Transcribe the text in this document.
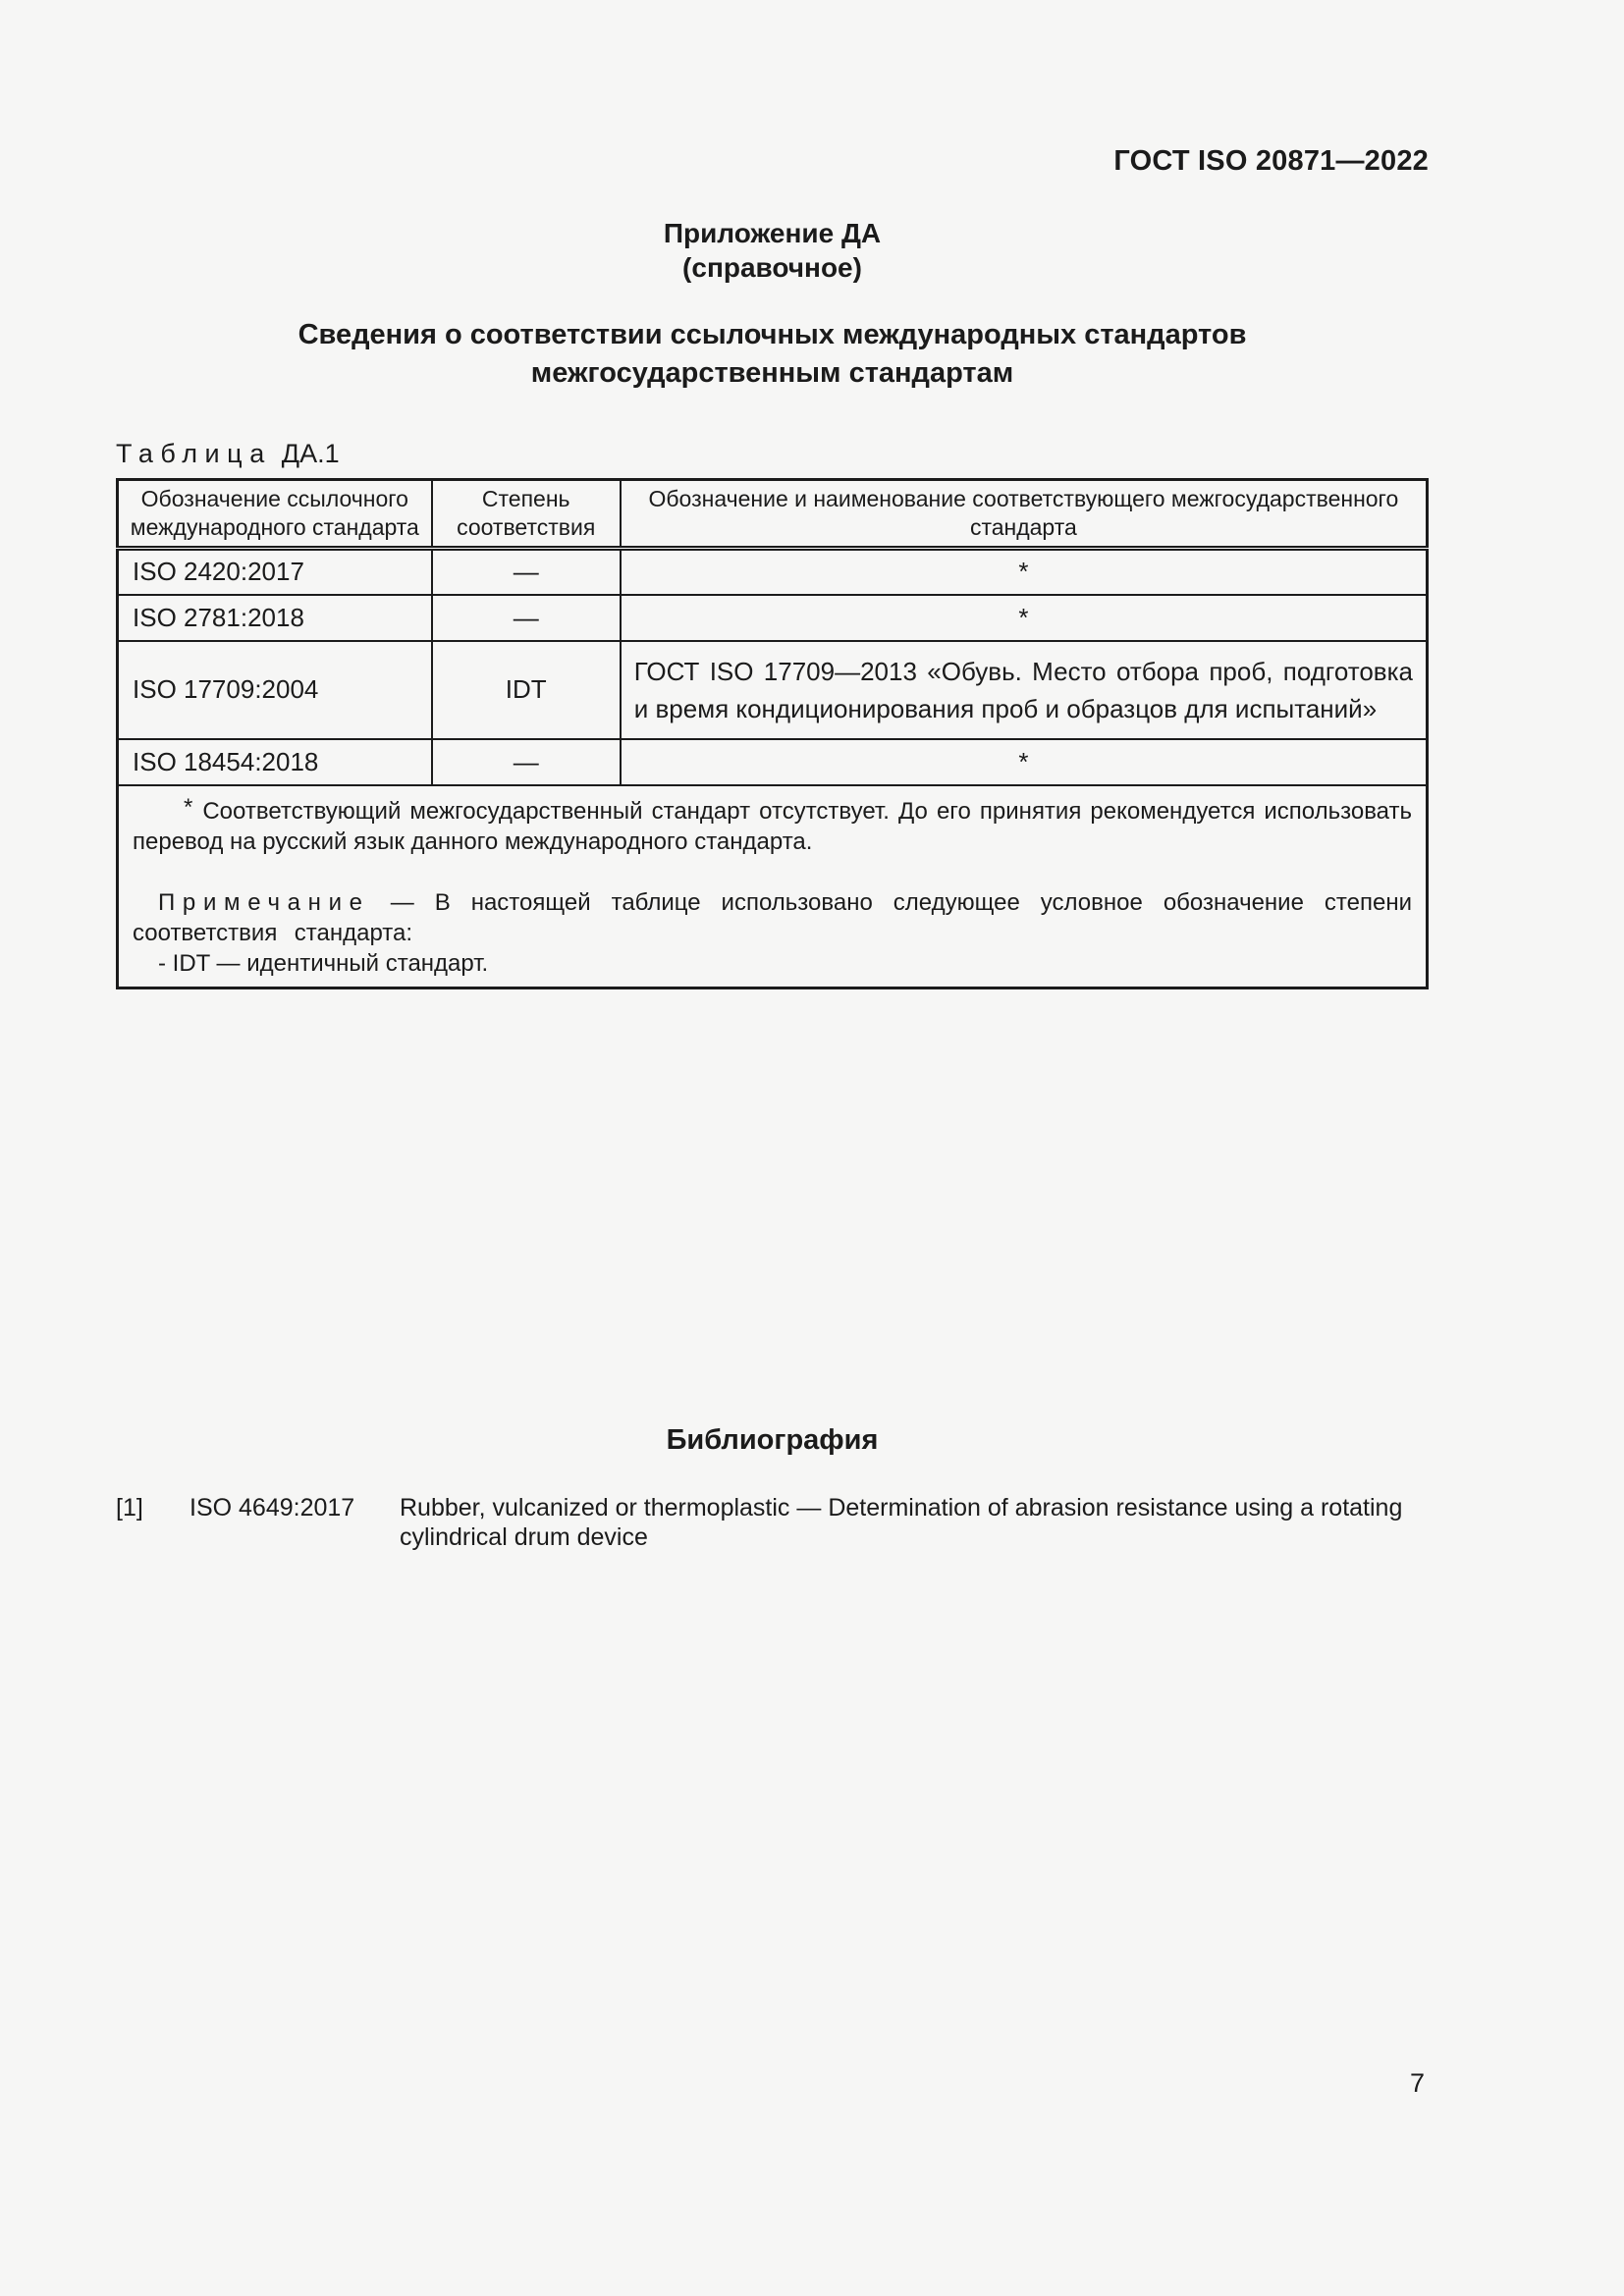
ГОСТ ISO 20871—2022
Приложение ДА
(справочное)
Сведения о соответствии ссылочных международных стандартов
межгосударственным стандартам
Таблица ДА.1
Обозначение ссылочного международного стандарта	Степень соответствия	Обозначение и наименование соответствующего межгосударственного стандарта
ISO 2420:2017	—	*
ISO 2781:2018	—	*
ISO 17709:2004	IDT	ГОСТ ISO 17709—2013 «Обувь. Место отбора проб, подготовка и время кондиционирования проб и образцов для испытаний»
ISO 18454:2018	—	*

* Соответствующий межгосударственный стандарт отсутствует. До его принятия рекомендуется использовать перевод на русский язык данного международного стандарта.
Примечание — В настоящей таблице использовано следующее условное обозначение степени соответствия стандарта:
- IDT — идентичный стандарт.		
Библиография
[1]	ISO 4649:2017	Rubber, vulcanized or thermoplastic — Determination of abrasion resistance using a rotating cylindrical drum device
7
